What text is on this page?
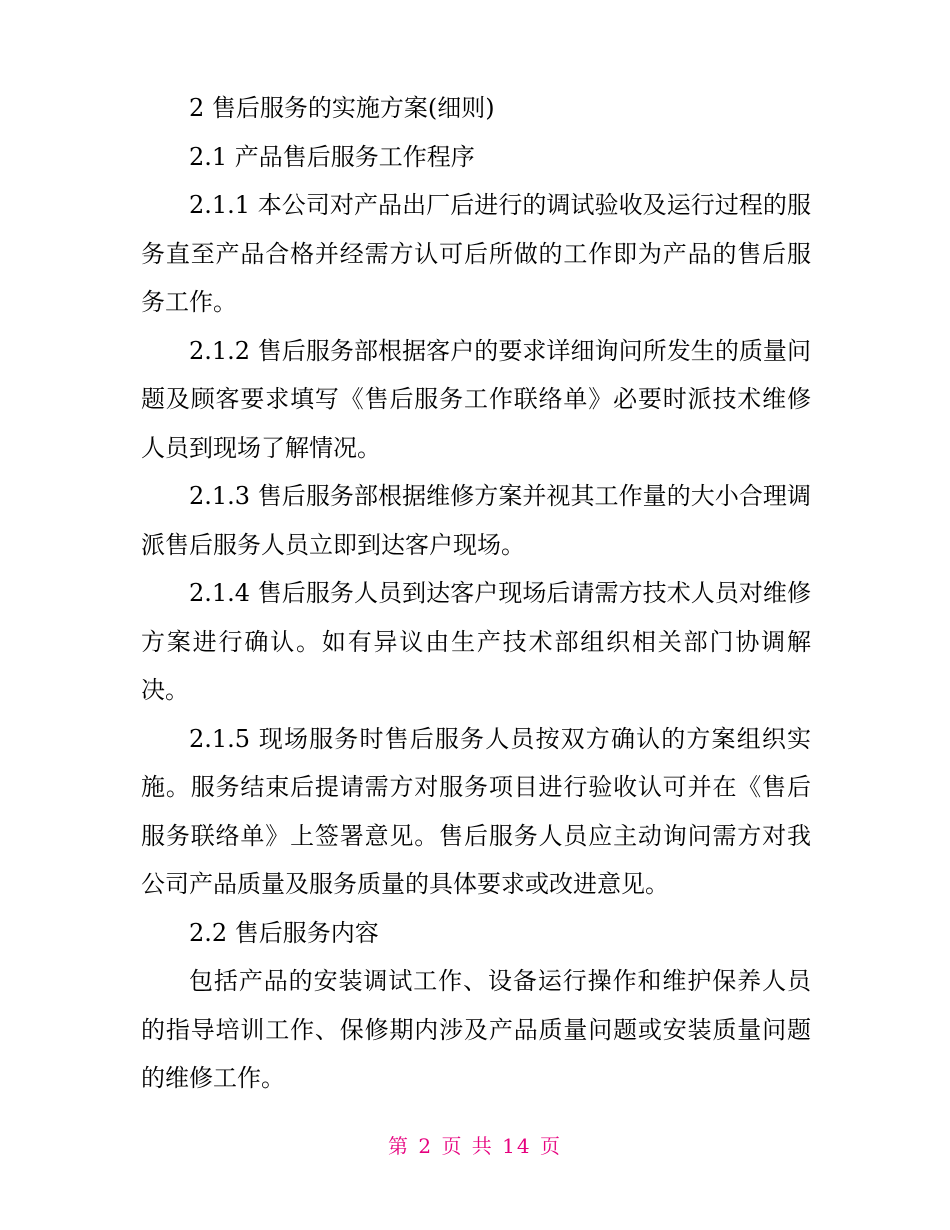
2 售后服务的实施方案(细则)

2.1 产品售后服务工作程序

2.1.1 本公司对产品出厂后进行的调试验收及运行过程的服务直至产品合格并经需方认可后所做的工作即为产品的售后服务工作。

2.1.2 售后服务部根据客户的要求详细询问所发生的质量问题及顾客要求填写《售后服务工作联络单》必要时派技术维修人员到现场了解情况。

2.1.3 售后服务部根据维修方案并视其工作量的大小合理调派售后服务人员立即到达客户现场。

2.1.4 售后服务人员到达客户现场后请需方技术人员对维修方案进行确认。如有异议由生产技术部组织相关部门协调解决。

2.1.5 现场服务时售后服务人员按双方确认的方案组织实施。服务结束后提请需方对服务项目进行验收认可并在《售后服务联络单》上签署意见。售后服务人员应主动询问需方对我公司产品质量及服务质量的具体要求或改进意见。

2.2 售后服务内容

包括产品的安装调试工作、设备运行操作和维护保养人员的指导培训工作、保修期内涉及产品质量问题或安装质量问题的维修工作。

第 2 页 共 14 页
